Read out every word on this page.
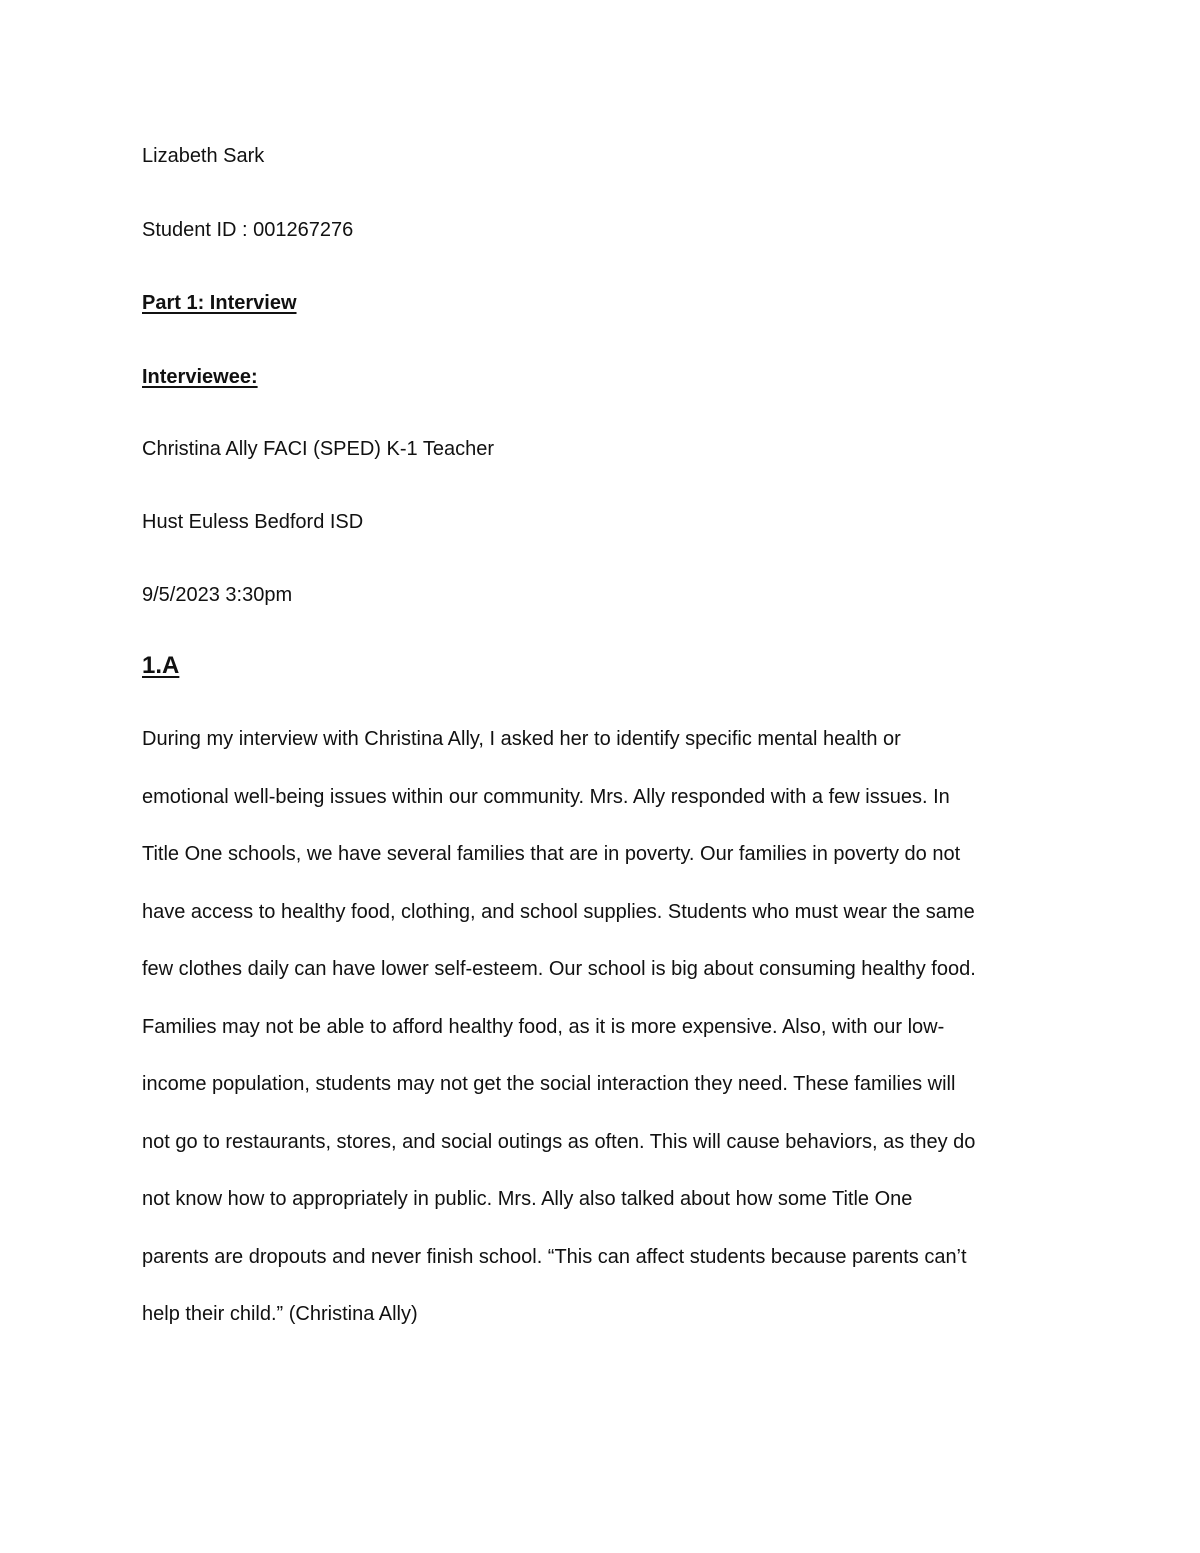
Lizabeth Sark
Student ID : 001267276
Part 1: Interview
Interviewee:
Christina Ally FACI (SPED) K-1 Teacher
Hust Euless Bedford ISD
9/5/2023 3:30pm
1.A
During my interview with Christina Ally, I asked her to identify specific mental health or
emotional well-being issues within our community. Mrs. Ally responded with a few issues. In
Title One schools, we have several families that are in poverty. Our families in poverty do not
have access to healthy food, clothing, and school supplies. Students who must wear the same
few clothes daily can have lower self-esteem. Our school is big about consuming healthy food.
Families may not be able to afford healthy food, as it is more expensive. Also, with our low-
income population, students may not get the social interaction they need. These families will
not go to restaurants, stores, and social outings as often. This will cause behaviors, as they do
not know how to appropriately in public. Mrs. Ally also talked about how some Title One
parents are dropouts and never finish school. “This can affect students because parents can’t
help their child.” (Christina Ally)
